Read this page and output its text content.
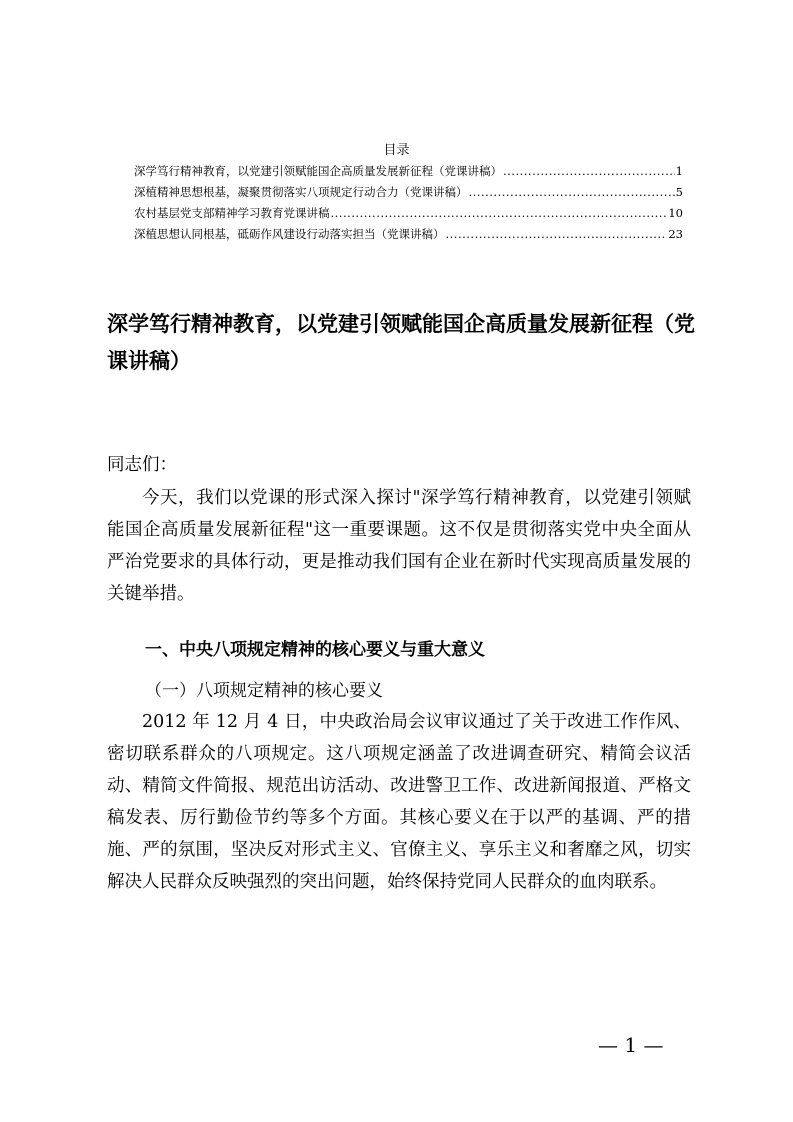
目录
深学笃行精神教育，以党建引领赋能国企高质量发展新征程（党课讲稿） .....	1
深植精神思想根基，凝聚贯彻落实八项规定行动合力（党课讲稿） .....	5
农村基层党支部精神学习教育党课讲稿 .....	10
深植思想认同根基，砥砺作风建设行动落实担当（党课讲稿） .....	23
深学笃行精神教育，以党建引领赋能国企高质量发展新征程（党课讲稿）
同志们：

今天，我们以党课的形式深入探讨"深学笃行精神教育，以党建引领赋能国企高质量发展新征程"这一重要课题。这不仅是贯彻落实党中央全面从严治党要求的具体行动，更是推动我们国有企业在新时代实现高质量发展的关键举措。

一、中央八项规定精神的核心要义与重大意义
（一）八项规定精神的核心要义

2012 年 12 月 4 日，中央政治局会议审议通过了关于改进工作作风、密切联系群众的八项规定。这八项规定涵盖了改进调查研究、精简会议活动、精简文件简报、规范出访活动、改进警卫工作、改进新闻报道、严格文稿发表、厉行勤俭节约等多个方面。其核心要义在于以严的基调、严的措施、严的氛围，坚决反对形式主义、官僚主义、享乐主义和奢靡之风，切实解决人民群众反映强烈的突出问题，始终保持党同人民群众的血肉联系。

— 1 —
